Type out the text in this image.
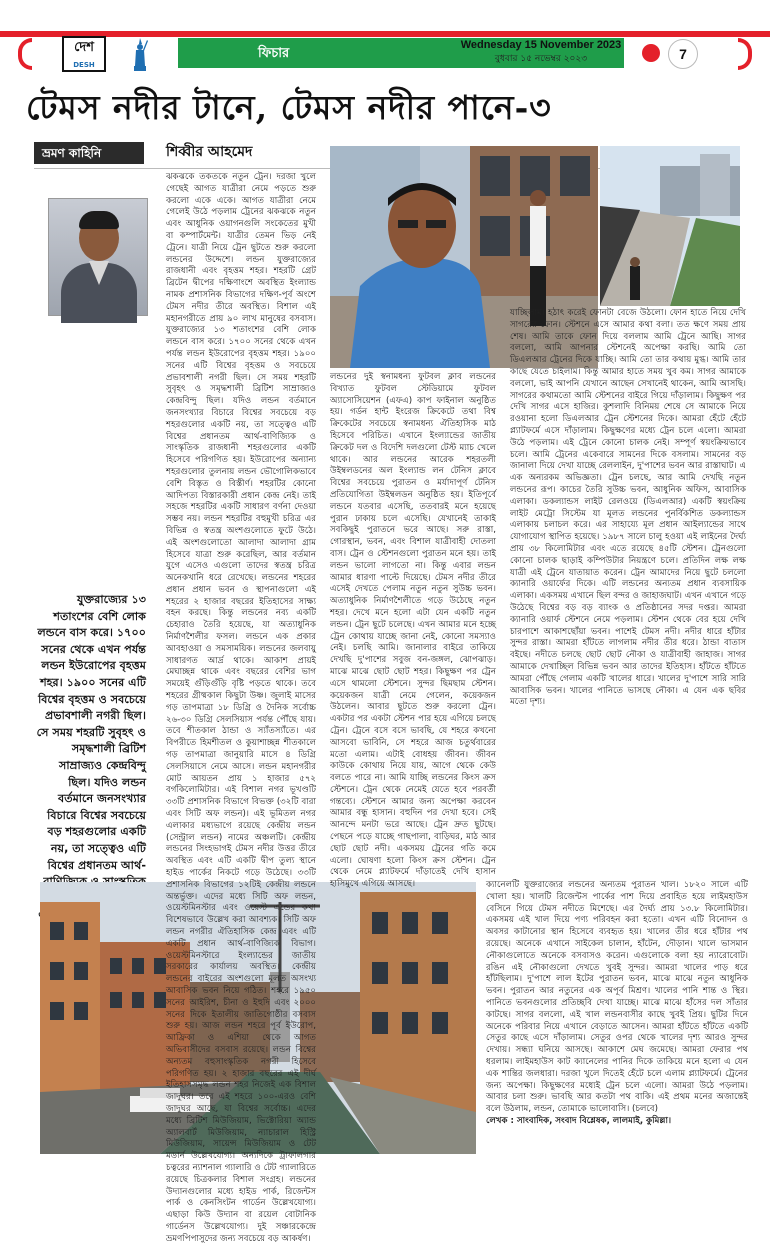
দেশ
DESH
ফিচার
Wednesday 15 November 2023
বুধবার ১৫ নভেম্বর ২০২৩	7
টেমস নদীর টানে, টেমস নদীর পানে-৩
ভ্রমণ কাহিনি	শিব্বীর আহমেদ
যুক্তরাজ্যের ১৩ শতাংশের বেশি লোক লন্ডনে বাস করে। ১৭০০ সনের থেকে এখন পর্যন্ত লন্ডন ইউরোপের বৃহত্তম শহর। ১৯০০ সনের এটি বিশ্বের বৃহত্তম ও সবচেয়ে প্রভাবশালী নগরী ছিল। সে সময় শহরটি সুবৃহৎ ও সমৃদ্ধশালী ব্রিটিশ সাম্রাজ্যও কেন্দ্রবিন্দু ছিল। যদিও লন্ডন বর্তমানে জনসংখ্যার বিচারে বিশ্বের সবচেয়ে বড় শহরগুলোর একটি নয়, তা সত্ত্বেও এটি বিশ্বের প্রধানতম আর্থ-

ঝকঝকে তকতকে নতুন ট্রেন। দরজা খুলে গেছেই আগত যাত্রীরা নেমে পড়তে শুরু করলো একে একে। আগত যাত্রীরা নেমে গেলেই উঠে পড়লাম ট্রেনের ঝকঝকে নতুন এবং আধুনিক ওয়াগনগুলি সংকেতের মুখী বা কম্পার্টমেন্ট। যাত্রীর তেমন ভিড় নেই ট্রেনে। যাত্রী নিয়ে ট্রেন ছুটতে শুরু করলো লন্ডনের উদ্দেশে। লন্ডন যুক্তরাজ্যের রাজধানী এবং বৃহত্তম শহর। শহরটি গ্রেট ব্রিটেন দ্বীপের দক্ষিণাংশে অবস্থিত ইংল্যান্ড নামক প্রশাসনিক বিভাগের দক্ষিণ-পূর্ব অংশে টেমস নদীর তীরে অবস্থিত। বিশাল এই মহানগরীতে প্রায় ৯০ লাখ মানুষের বসবাস। যুক্তরাজ্যের ১৩ শতাংশের বেশি লোক লন্ডনে বাস করে। ১৭০০ সনের থেকে এখন পর্যন্ত লন্ডন ইউরোপের বৃহত্তম শহর। ১৯০০ সনের এটি বিশ্বের বৃহত্তম ও সবচেয়ে প্রভাবশালী নগরী ছিল। সে সময় শহরটি সুবৃহৎ ও সমৃদ্ধশালী ব্রিটিশ সাম্রাজ্যও কেন্দ্রবিন্দু ছিল। যদিও লন্ডন বর্তমানে জনসংখ্যার বিচারে বিশ্বের সবচেয়ে বড় শহরগুলোর একটি নয়, তা সত্ত্বেও এটি বিশ্বের প্রধানতম আর্থ-বাণিজ্যিক ও সাংস্কৃতিক রাজধানী শহরগুলোর একটি হিসেবে পরিগণিত হয়। ইউরোপের অন্যান্য শহরগুলোর তুলনায় লন্ডন ভৌগোলিকভাবে বেশি বিস্তৃত ও বিস্তীর্ণ। শহরটির কোনো আদিপত্য বিস্তারকারী প্রধান কেন্দ্র নেই। তাই সহজে শহরটির একটি সাধারণ বর্ণনা দেওয়া সম্ভব নয়। লন্ডন শহরটির বহুমুখী চরিত্র এর বিভিন্ন ও স্বতন্ত্র অংশগুলোতে ফুটে উঠে। এই অংশগুলোতো আলাদা আলাদা গ্রাম হিসেবে যাত্রা শুরু করেছিল, আর বর্তমান যুগে এসেও এগুলো তাদের স্বতন্ত্র চরিত্র অনেকখানি ধরে রেখেছে। লন্ডনের শহরের প্রধান প্রধান ভবন ও স্থাপনাগুলো এই শহরের ২ হাজার বছরের ইতিহাসের সাক্ষ্য বহন করছে। কিন্তু লন্ডনের নব্য একটি চেহারাও তৈরি হয়েছে, যা অত্যাধুনিক নির্মাণশৈলীর ফসল। লন্ডনে এক প্রকার আবহাওয়া ও সমসাময়িক। লন্ডনের জলবায়ু সাধারণত আর্দ্র থাকে। আকাশ প্রায়ই মেঘাচ্ছন্ন থাকে এবং বছরের বেশির ভাগ সময়েই গুঁড়িগুঁড়ি বৃষ্টি পড়তে থাকে। তবে শহরের গ্রীষ্মকাল কিছুটা উষ্ণ। জুলাই মাসের গড় তাপমাত্রা ১৮ ডিগ্রি ও দৈনিক সর্বোচ্চ ২৬-৩০ ডিগ্রি সেলসিয়াস পর্যন্ত পৌঁছে যায়। তবে শীতকাল ঠান্ডা ও স্যাঁতস্যাঁতে। এর বিপরীতে হিমশীতল ও কুয়াশাচ্ছন্ন শীতকালে গড় তাপমাত্রা জানুয়ারি মাসে ৪ ডিগ্রি সেলসিয়াসে নেমে আসে। লন্ডন মহানগরীর মোট আয়তন প্রায় ১ হাজার ৫৭২ বর্গকিলোমিটার। এই বিশাল নগর ভূখণ্ডটি ৩৩টি প্রশাসনিক বিভাগে বিভক্ত (৩২টি বারা এবং সিটি অফ লন্ডন)। এই ভূমিতল নগর এলাকার মধ্যভাগে রয়েছে কেন্দ্রীয় লন্ডন (সেন্ট্রাল লন্ডন) নামের অঞ্চলটি। কেন্দ্রীয় লন্ডনের সিংহভাগই টেমস নদীর উত্তর তীরে অবস্থিত এবং এটি একটি দ্বীপ তুল্য স্থানে হাইড পার্কের নিকটে গড়ে উঠেছে। ৩৩টি প্রশাসনিক বিভাগের ১২টিই কেন্দ্রীয় লন্ডনে অন্তর্ভুক্ত। এদের মধ্যে সিটি অফ লন্ডন, ওয়েস্টমিনস্টার এবং ওয়েস্ট এন্ডের কথা বিশেষভাবে উল্লেখ করা আবশ্যক। সিটি অফ লন্ডন নগরীর ঐতিহাসিক কেন্দ্র এবং এটি একটি প্রধান আর্থ-বাণিজ্যিক বিভাগ। ওয়েস্টমিনস্টারে ইংল্যান্ডের জাতীয় সরকারের কার্যালয় অবস্থিত। কেন্দ্রীয় লন্ডনের বাইরের অংশগুলো মূলত অসংখ্য আবাসিক ভবন নিয়ে গঠিত। শহরে ১৯৫০ সনের আইরিশ, চীনা ও ইহুদি এবং ২০০০ সনের দিকে ইতালীয় জাতিগোষ্ঠীর বসবাস শুরু হয়। আজ লন্ডন শহরে পূর্ব ইউরোপ, আফ্রিকা ও এশিয়া থেকে আগত অভিবাসীদের বসবাস রয়েছে। লন্ডন বিশ্বের অন্যতম বহুসাংস্কৃতিক নগরী হিসেবে পরিগণিত হয়। ২ হাজার বছরের এই দীর্ঘ ইতিহাসসমৃদ্ধ লন্ডন শহর নিজেই এক বিশাল জাদুঘর। তবে এই শহরে ১০০-এরও বেশি জাদুঘর আছে, যা বিশ্বের সর্বোচ্চ। এদের মধ্যে ব্রিটিশ মিউজিয়াম, ভিক্টোরিয়া অ্যান্ড অ্যালবার্ট মিউজিয়াম, ন্যাচারাল হিস্ট্রি মিউজিয়াম, সায়েন্স মিউজিয়াম ও টেট মডার্ন উল্লেখযোগ্য। অন্যদিকে ট্রাফালগার চত্বরের ন্যাশনাল গ্যালারি ও টেট গ্যালারিতে রয়েছে চিত্রকলার বিশাল সংগ্রহ। লন্ডনের উদ্যানগুলোর মধ্যে হাইড পার্ক, রিজেন্টস পার্ক ও কেনসিংটন গার্ডেন উল্লেখযোগ্য। এছাড়া কিউ উদ্যান বা রয়েল বোটানিক গার্ডেনস উল্লেখযোগ্য। দুই সঞ্চারকেন্দ্রে ভ্রমণপিপাসুদের জন্য সবচেয়ে বড় আকর্ষণ।

লন্ডনের দুই স্বনামধন্য ফুটবল ক্লাব লন্ডনের বিখ্যাত ফুটবল স্টেডিয়ামে ফুটবল অ্যাসোসিয়েশন (এফএ) কাপ ফাইনাল অনুষ্ঠিত হয়। গর্ডন হান্ট ইংরেজ ক্রিকেটে তথা বিশ্ব ক্রিকেটের সবচেয়ে স্বনামধন্য ঐতিহাসিক মাঠ হিসেবে পরিচিত। এখানে ইংল্যান্ডের জাতীয় ক্রিকেট দল ও বিদেশি দলগুলো টেস্ট ম্যাচ খেলে থাকে। আর লন্ডনের আরেক শহরতলী উইম্বলডনের অল ইংল্যান্ড লন টেনিস ক্লাবে বিশ্বের সবচেয়ে পুরাতন ও মর্যাদাপূর্ণ টেনিস প্রতিযোগিতা উইম্বলডন অনুষ্ঠিত হয়। ইতিপূর্বে লন্ডনে যতবার এসেছি, ততবারই মনে হয়েছে পুরান ঢাকায় চলে এসেছি। যেখানেই তাকাই সবকিছুই পুরাতনে ভরে আছে। সরু রাস্তা, গোরস্থান, ভবন, এবং বিশাল যাত্রীবাহী দোতলা বাস। ট্রেন ও স্টেশনগুলো পুরাতন মনে হয়। তাই লন্ডন ভালো লাগতো না। কিন্তু এবার লন্ডন আমার ধারণা পাল্টে দিয়েছে। টেমস নদীর তীরে এসেই দেখতে পেলাম নতুন নতুন সুউচ্চ ভবন। অত্যাধুনিক নির্মাণশৈলীতে গড়ে উঠেছে নতুন শহর। দেখে মনে হলো এটা যেন একটি নতুন লন্ডন। ট্রেন ছুটে চলেছে। এখন আমার মনে হচ্ছে ট্রেন কোথায় যাচ্ছে জানা নেই, কোনো সমস্যাও নেই। চলছি আমি। জানালার বাইরে তাকিয়ে দেখছি দু'পাশের সবুজ বন-জঙ্গল, ঝোপঝাড়। মাঝে মাঝে ছোট ছোট শহর। কিছুক্ষণ পর ট্রেন এসে থামলো স্টেশনে। সুন্দর ছিমছাম স্টেশন। কয়েকজন যাত্রী নেমে গেলেন, কয়েকজন উঠলেন। আবার ছুটতে শুরু করলো ট্রেন। একটার পর একটা স্টেশন পার হয়ে এগিয়ে চলছে ট্রেন। ট্রেনে বসে বসে ভাবছি, যে শহরে কখনো আসবো ভাবিনি, সে শহরে আজ চতুর্থবারের মতো এলাম। এটাই বোধহয় জীবন। জীবন কাউকে কোথায় নিয়ে যায়, আগে থেকে কেউ বলতে পারে না। আমি যাচ্ছি লন্ডনের কিংস ক্রস স্টেশনে। ট্রেন থেকে নেমেই যেতে হবে পরবর্তী গন্তব্যে। স্টেশনে আমার জন্য অপেক্ষা করবেন আমার বন্ধু হাসান। বহুদিন পর দেখা হবে। সেই আনন্দে মনটা ভরে আছে। ট্রেন দ্রুত ছুটছে। পেছনে পড়ে যাচ্ছে গাছপালা, বাড়িঘর, মাঠ আর ছোট ছোট নদী। একসময় ট্রেনের গতি কমে এলো। ঘোষণা হলো কিংস ক্রস স্টেশন। ট্রেন থেকে নেমে প্ল্যাটফর্মে দাঁড়াতেই দেখি হাসান হাসিমুখে এগিয়ে আসছে।

যাচ্ছিলাম। হঠাৎ করেই ফোনটা বেজে উঠলো। ফোন হাতে নিয়ে দেখি সাগরের ফোন। স্টেশনে এসে আমার কথা বলা। তত ক্ষণে সময় প্রায় শেষ। আমি তাকে ফোন দিয়ে বললাম আমি ট্রেনে আছি। সাগর বললো, আমি আপনার স্টেশনেই অপেক্ষা করছি। আমি তো ডিএলআর ট্রেনের দিকে যাচ্ছি। আমি তো তার কথায় মুগ্ধ। আমি তার কাছে যেতে চাইলাম। কিন্তু আমার হাতে সময় খুব কম। সাগর আমাকে বললো, ভাই আপনি যেখানে আছেন সেখানেই থাকেন, আমি আসছি। সাগরের কথামতো আমি স্টেশনের বাইরে গিয়ে দাঁড়ালাম। কিছুক্ষণ পর দেখি সাগর এসে হাজির। কুশলাদি বিনিময় শেষে সে আমাকে নিয়ে রওয়ানা হলো ডিএলআর ট্রেন স্টেশনের দিকে। আমরা হেঁটে হেঁটে প্ল্যাটফর্মে এসে দাঁড়ালাম। কিছুক্ষণের মধ্যে ট্রেন চলে এলো। আমরা উঠে পড়লাম। এই ট্রেনে কোনো চালক নেই। সম্পূর্ণ স্বয়ংক্রিয়ভাবে চলে। আমি ট্রেনের একেবারে সামনের দিকে বসলাম। সামনের বড় জানালা দিয়ে দেখা যাচ্ছে রেললাইন, দু'পাশের ভবন আর রাস্তাঘাট। এ এক অন্যরকম অভিজ্ঞতা। ট্রেন চলছে, আর আমি দেখছি নতুন লন্ডনের রূপ। কাচের তৈরি সুউচ্চ ভবন, আধুনিক অফিস, আবাসিক এলাকা। ডকল্যান্ডস লাইট রেলওয়ে (ডিএলআর) একটি স্বয়ংক্রিয় লাইট মেট্রো সিস্টেম যা মূলত লন্ডনের পুনর্বিকশিত ডকল্যান্ডস এলাকায় চলাচল করে। এর সাহায্যে মূল প্রধান আইল্যান্ডের সাথে যোগাযোগ স্থাপিত হয়েছে। ১৯৮৭ সালে চালু হওয়া এই লাইনের দৈর্ঘ্য প্রায় ৩৮ কিলোমিটার এবং এতে রয়েছে ৪৫টি স্টেশন। ট্রেনগুলো কোনো চালক ছাড়াই কম্পিউটার নিয়ন্ত্রণে চলে। প্রতিদিন লক্ষ লক্ষ যাত্রী এই ট্রেনে যাতায়াত করেন। ট্রেন আমাদের নিয়ে ছুটে চললো ক্যানারি ওয়ার্ফের দিকে। এটি লন্ডনের অন্যতম প্রধান ব্যবসায়িক এলাকা। একসময় এখানে ছিল বন্দর ও জাহাজঘাট। এখন এখানে গড়ে উঠেছে বিশ্বের বড় বড় ব্যাংক ও প্রতিষ্ঠানের সদর দপ্তর। আমরা ক্যানারি ওয়ার্ফ স্টেশনে নেমে পড়লাম। স্টেশন থেকে বের হয়ে দেখি চারপাশে আকাশছোঁয়া ভবন। পাশেই টেমস নদী। নদীর ধারে হাঁটার সুন্দর রাস্তা। আমরা হাঁটতে লাগলাম নদীর তীর ধরে। ঠান্ডা বাতাস বইছে। নদীতে চলছে ছোট ছোট নৌকা ও যাত্রীবাহী জাহাজ। সাগর আমাকে দেখাচ্ছিল বিভিন্ন ভবন আর তাদের ইতিহাস। হাঁটতে হাঁটতে আমরা পৌঁছে গেলাম একটি খালের ধারে। খালের দু'পাশে সারি সারি আবাসিক ভবন। খালের পানিতে ভাসছে নৌকা। এ যেন এক ছবির মতো দৃশ্য।

ক্যানেলটি যুক্তরাজ্যের লন্ডনের অন্যতম পুরাতন খাল। ১৮২০ সালে এটি খোলা হয়। খালটি রিজেন্টস পার্কের পাশ দিয়ে প্রবাহিত হয়ে লাইমহাউস বেসিনে গিয়ে টেমস নদীতে মিশেছে। এর দৈর্ঘ্য প্রায় ১৩.৮ কিলোমিটার। একসময় এই খাল দিয়ে পণ্য পরিবহন করা হতো। এখন এটি বিনোদন ও অবসর কাটানোর স্থান হিসেবে ব্যবহৃত হয়। খালের তীর ধরে হাঁটার পথ রয়েছে। অনেকে এখানে সাইকেল চালান, হাঁটেন, দৌড়ান। খালে ভাসমান নৌকাগুলোতে অনেকে বসবাসও করেন। এগুলোকে বলা হয় ন্যারোবোট। রঙিন এই নৌকাগুলো দেখতে খুবই সুন্দর। আমরা খালের পাড় ধরে হাঁটছিলাম। দু'পাশে লাল ইটের পুরাতন ভবন, মাঝে মাঝে নতুন আধুনিক ভবন। পুরাতন আর নতুনের এক অপূর্ব মিশ্রণ। খালের পানি শান্ত ও স্থির। পানিতে ভবনগুলোর প্রতিচ্ছবি দেখা যাচ্ছে। মাঝে মাঝে হাঁসের দল সাঁতার কাটছে। সাগর বললো, এই খাল লন্ডনবাসীর কাছে খুবই প্রিয়। ছুটির দিনে অনেকে পরিবার নিয়ে এখানে বেড়াতে আসেন। আমরা হাঁটতে হাঁটতে একটি সেতুর কাছে এসে দাঁড়ালাম। সেতুর ওপর থেকে খালের দৃশ্য আরও সুন্দর দেখায়। সন্ধ্যা ঘনিয়ে আসছে। আকাশে মেঘ জমেছে। আমরা ফেরার পথ ধরলাম। লাইমহাউস কাট ক্যানেলের পানির দিকে তাকিয়ে মনে হলো এ যেন এক শান্তির জলধারা। দরজা খুলে দিতেই হেঁটে চলে এলাম প্ল্যাটফর্মে। ট্রেনের জন্য অপেক্ষা। কিছুক্ষণের মধ্যেই ট্রেন চলে এলো। আমরা উঠে পড়লাম। আবার চলা শুরু। ভাবছি আর কতটা পথ বাকি। এই প্রথম মনের অজান্তেই বলে উঠলাম, লন্ডন, তোমাকে ভালোবাসি। (চলবে)

লেখক : সাংবাদিক, সংবাদ বিশ্লেষক, লালমাই, কুমিল্লা।
